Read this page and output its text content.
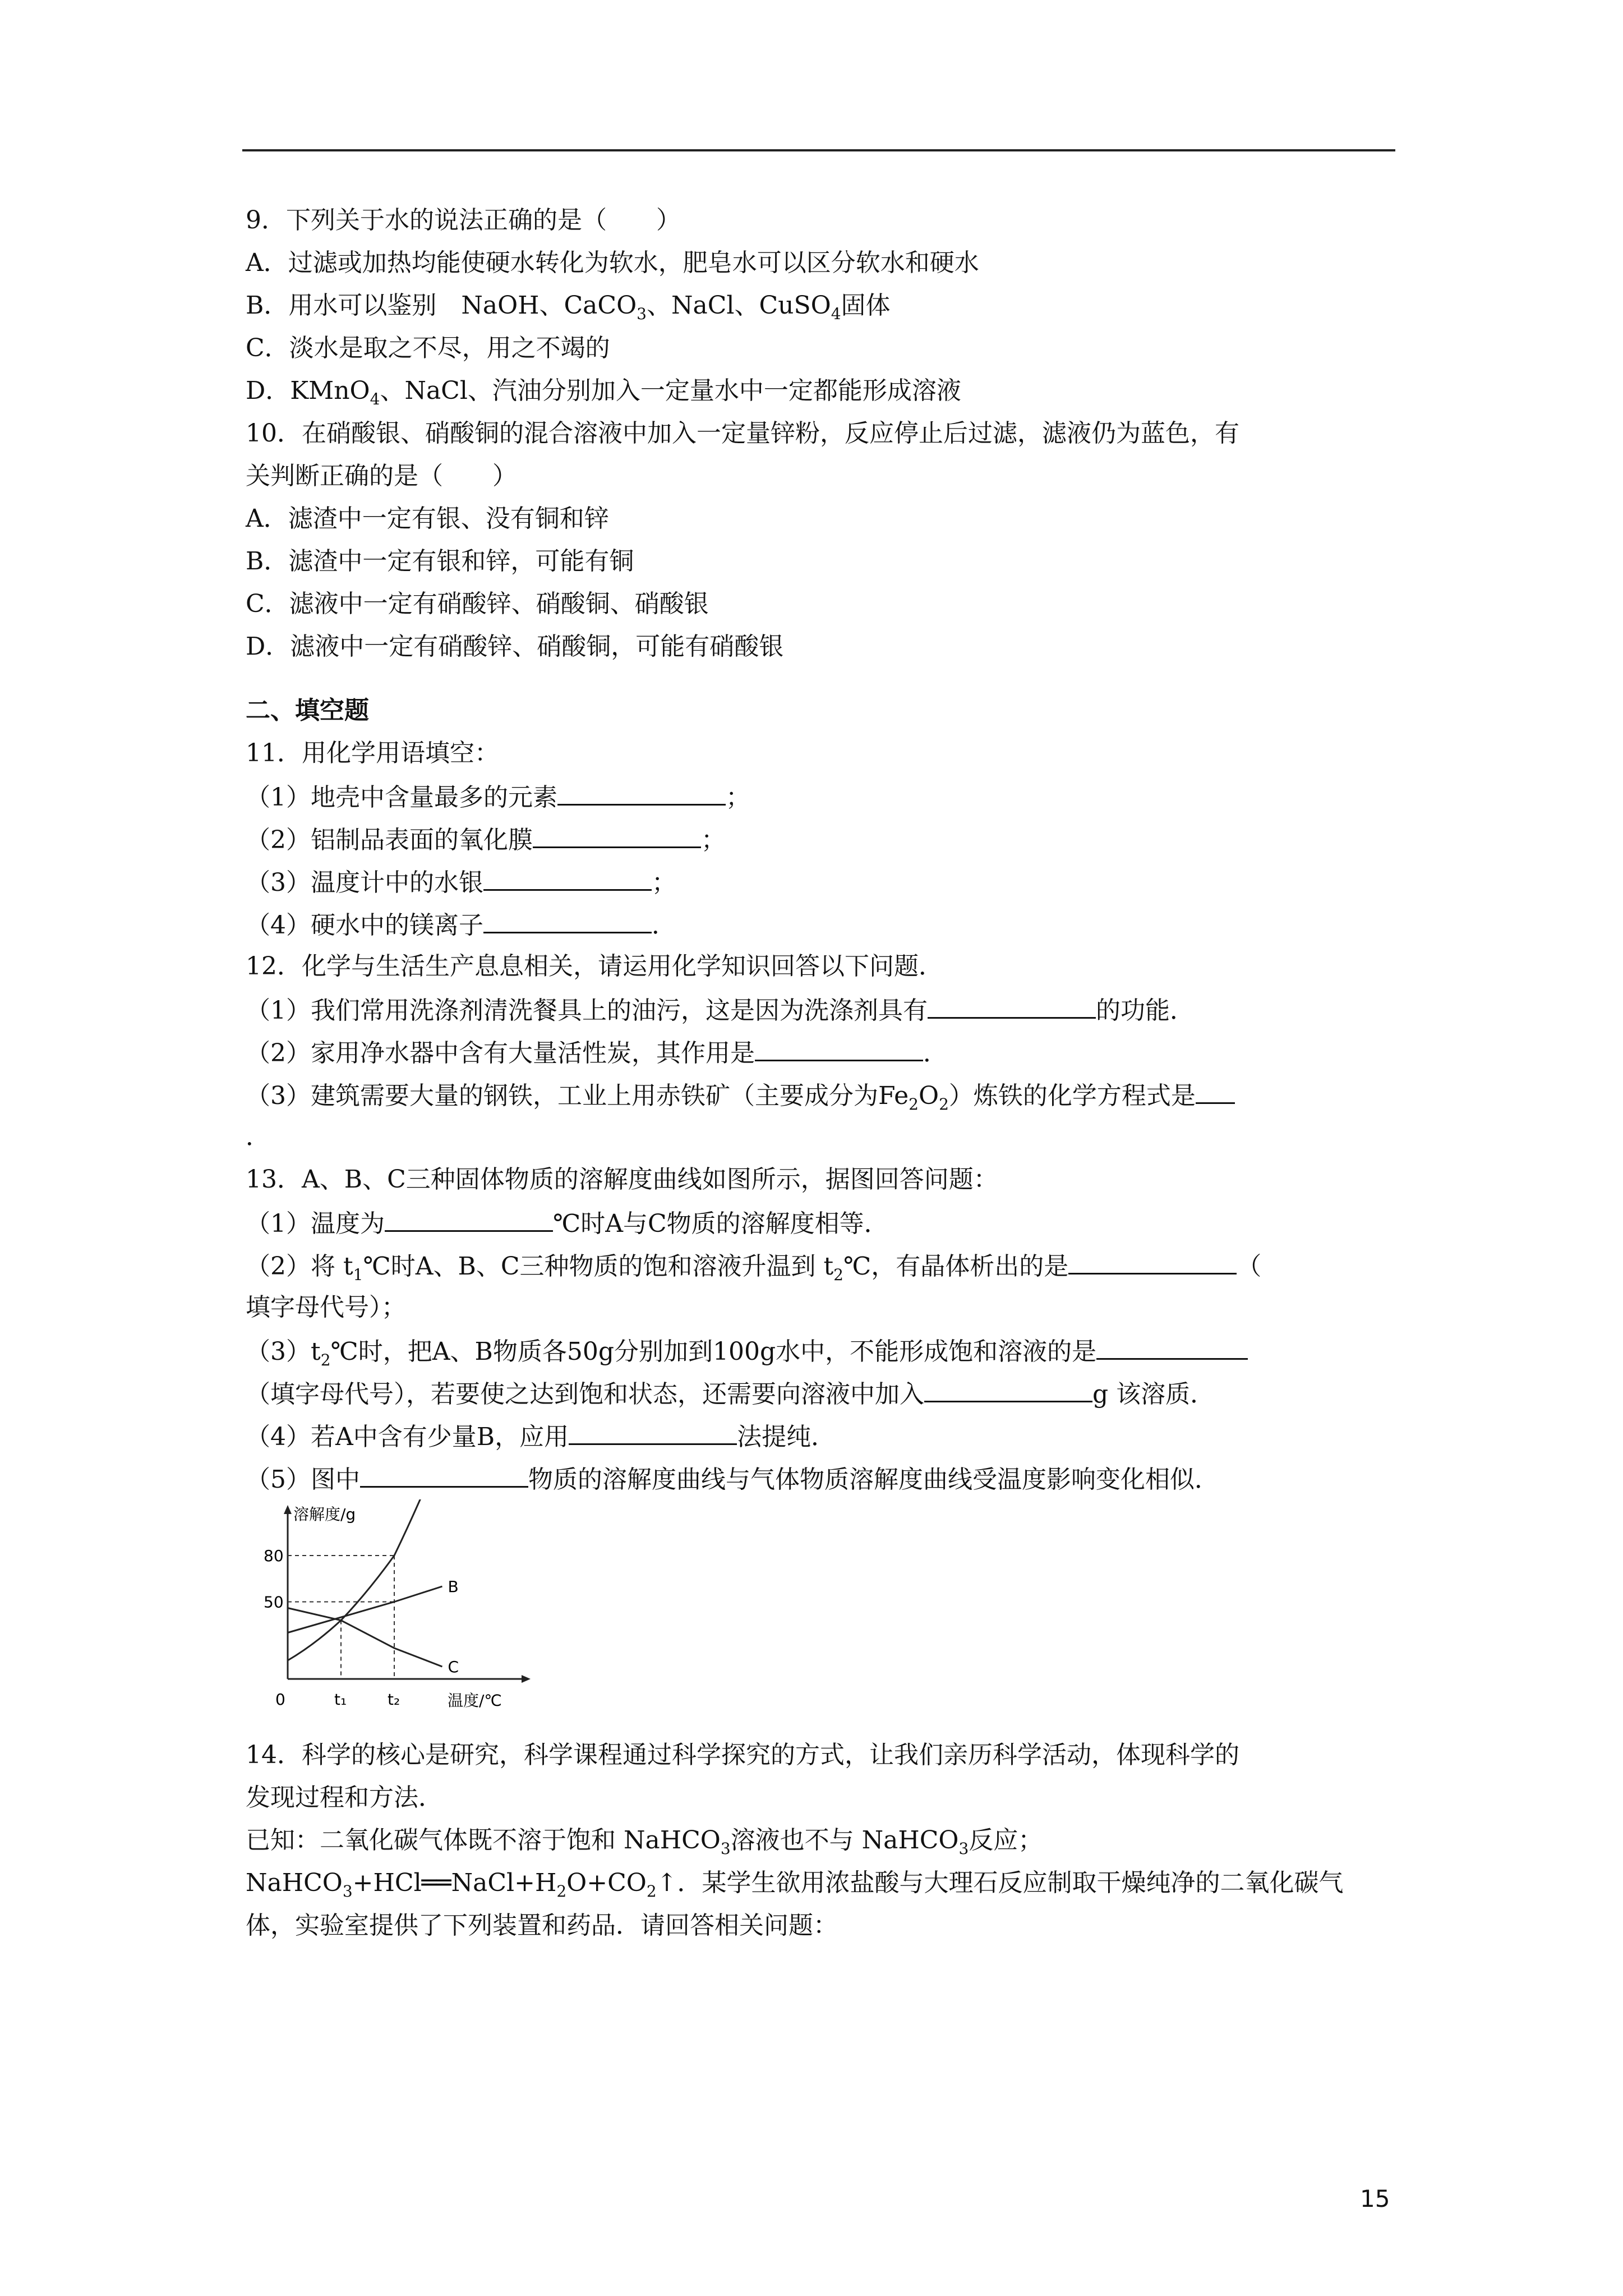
9．下列关于水的说法正确的是（　　）
A．过滤或加热均能使硬水转化为软水，肥皂水可以区分软水和硬水
B．用水可以鉴别　NaOH、CaCO$_3$、NaCl、CuSO$_4$固体
C．淡水是取之不尽，用之不竭的
D．KMnO$_4$、NaCl、汽油分别加入一定量水中一定都能形成溶液
10．在硝酸银、硝酸铜的混合溶液中加入一定量锌粉，反应停止后过滤，滤液仍为蓝色，有
关判断正确的是（　　）
A．滤渣中一定有银、没有铜和锌
B．滤渣中一定有银和锌，可能有铜
C．滤液中一定有硝酸锌、硝酸铜、硝酸银
D．滤液中一定有硝酸锌、硝酸铜，可能有硝酸银
二、填空题
11．用化学用语填空：
（1）地壳中含量最多的元素	；
（2）铝制品表面的氧化膜	；
（3）温度计中的水银	；
（4）硬水中的镁离子	．
12．化学与生活生产息息相关，请运用化学知识回答以下问题．
（1）我们常用洗涤剂清洗餐具上的油污，这是因为洗涤剂具有	的功能．
（2）家用净水器中含有大量活性炭，其作用是	．
（3）建筑需要大量的钢铁，工业上用赤铁矿（主要成分为$Fe_2O_2$）炼铁的化学方程式是
．
13．A、B、C三种固体物质的溶解度曲线如图所示，据图回答问题：
（1）温度为	℃时A与C物质的溶解度相等．
（2）将 $t_1℃$时A、B、C三种物质的饱和溶液升温到 $t_2℃$，有晶体析出的是	（
填字母代号）；
$(3)t_2℃$时，把A、B物质各50g分别加到100g水中，不能形成饱和溶液的是
（填字母代号），若要使之达到饱和状态，还需要向溶液中加入	g 该溶质．
（4）若A中含有少量B，应用	法提纯．
（5）图中	物质的溶解度曲线与气体物质溶解度曲线受温度影响变化相似．
溶解度/g
温度/℃
0
50
80
t₁	t₂
B
C
14．科学的核心是研究，科学课程通过科学探究的方式，让我们亲历科学活动，体现科学的
发现过程和方法．
已知：二氧化碳气体既不溶于饱和 NaHCO$_3$溶液也不与 NaHCO$_3$反应；
$NaHCO_3+HCl══NaCl+H_2O+CO_2↑$．某学生欲用浓盐酸与大理石反应制取干燥纯净的二氧化碳气
体，实验室提供了下列装置和药品．请回答相关问题：
15
